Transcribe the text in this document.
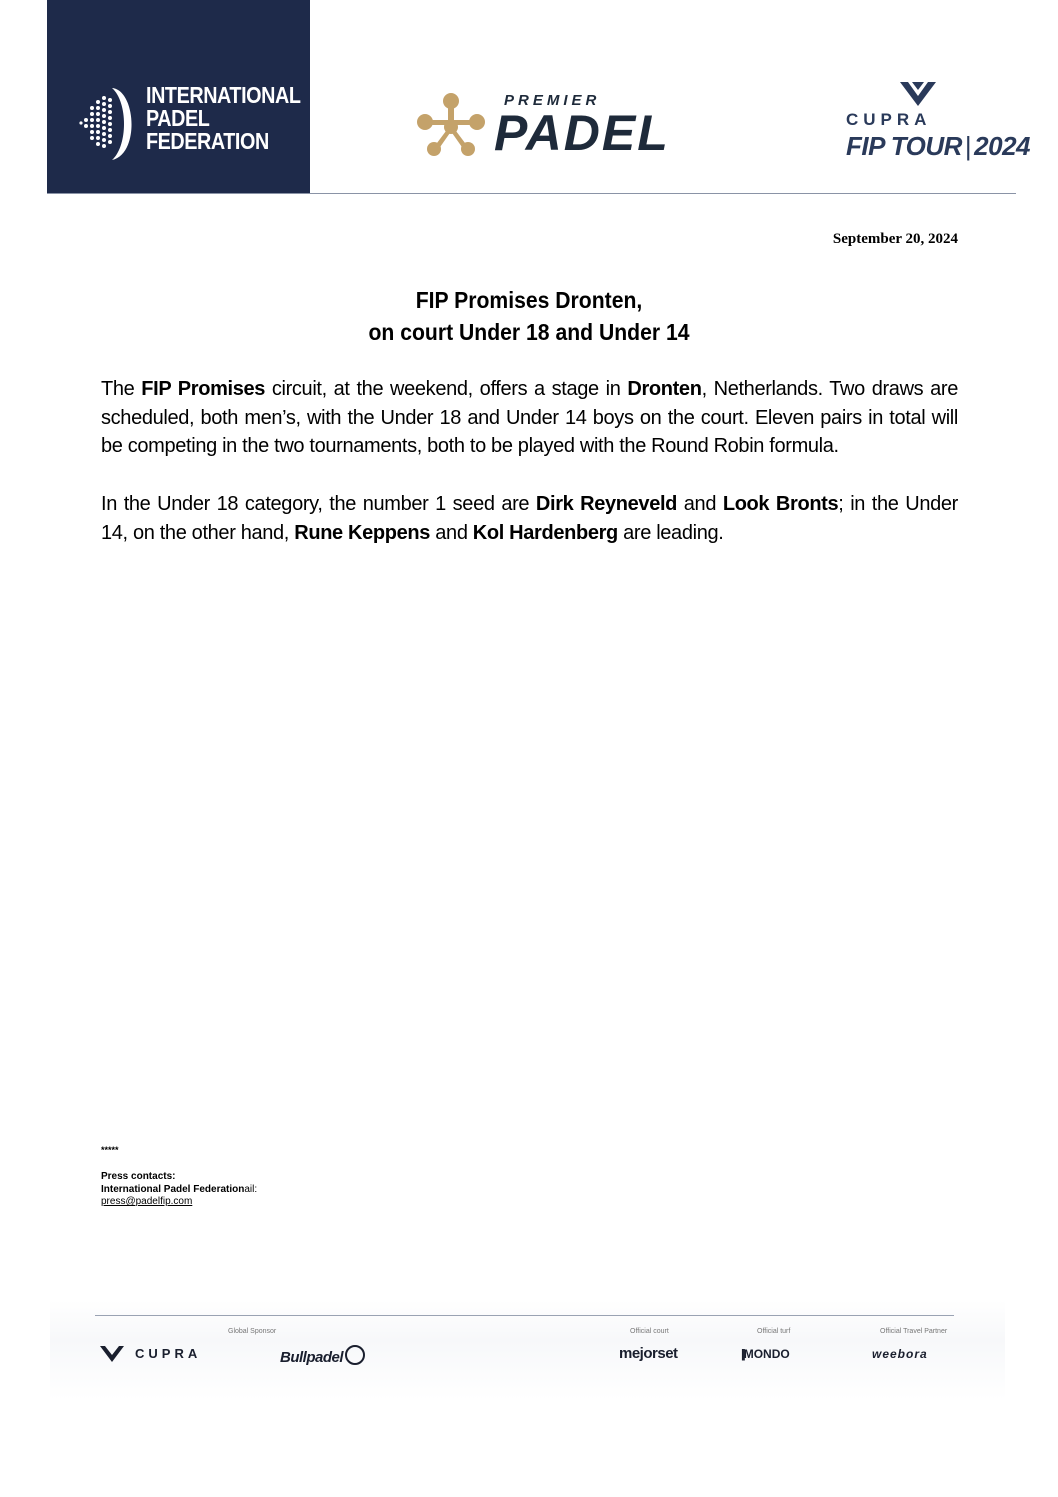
INTERNATIONAL
PADEL
FEDERATION
PREMIER
PADEL	CUPRA
FIP TOUR | 2024
September 20, 2024
FIP Promises Dronten,
on court Under 18 and Under 14
The FIP Promises circuit, at the weekend, offers a stage in Dronten, Netherlands. Two draws are scheduled, both men’s, with the Under 18 and Under 14 boys on the court. Eleven pairs in total will be competing in the two tournaments, both to be played with the Round Robin formula.
In the Under 18 category, the number 1 seed are Dirk Reyneveld and Look Bronts; in the Under 14, on the other hand, Rune Keppens and Kol Hardenberg are leading.
*****
Press contacts:
International Padel Federationail:
press@padelfip.com
Global Sponsor	Official court	Official turf	Official Travel Partner
CUPRA	Bullpadel	mejorset	||MONDO	weebora
